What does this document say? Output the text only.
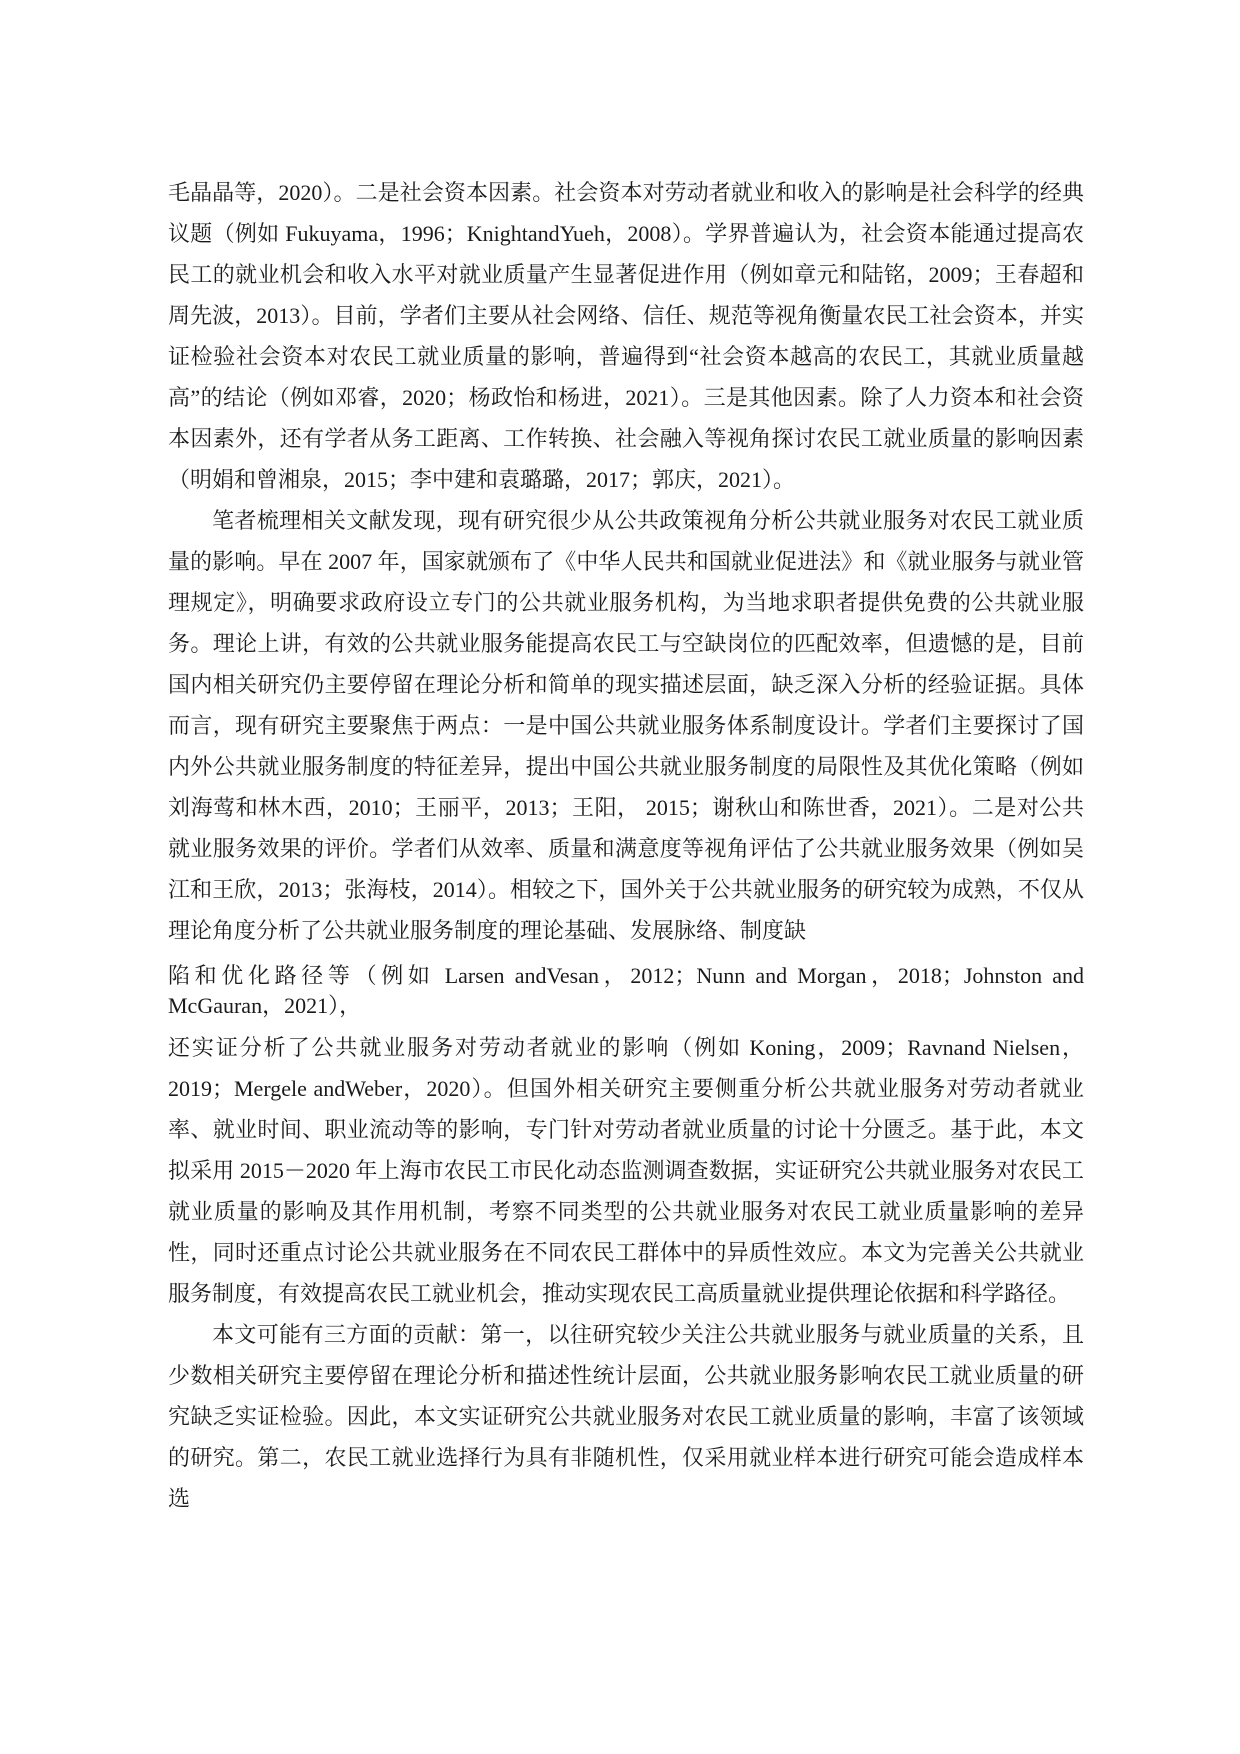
毛晶晶等，2020）。二是社会资本因素。社会资本对劳动者就业和收入的影响是社会科学的经典议题（例如 Fukuyama，1996；KnightandYueh，2008）。学界普遍认为，社会资本能通过提高农民工的就业机会和收入水平对就业质量产生显著促进作用（例如章元和陆铭，2009；王春超和周先波，2013）。目前，学者们主要从社会网络、信任、规范等视角衡量农民工社会资本，并实证检验社会资本对农民工就业质量的影响，普遍得到“社会资本越高的农民工，其就业质量越高”的结论（例如邓睿，2020；杨政怡和杨进，2021）。三是其他因素。除了人力资本和社会资本因素外，还有学者从务工距离、工作转换、社会融入等视角探讨农民工就业质量的影响因素（明娟和曾湘泉，2015；李中建和袁璐璐，2017；郭庆，2021）。

笔者梳理相关文献发现，现有研究很少从公共政策视角分析公共就业服务对农民工就业质量的影响。早在 2007 年，国家就颁布了《中华人民共和国就业促进法》和《就业服务与就业管理规定》，明确要求政府设立专门的公共就业服务机构，为当地求职者提供免费的公共就业服务。理论上讲，有效的公共就业服务能提高农民工与空缺岗位的匹配效率，但遗憾的是，目前国内相关研究仍主要停留在理论分析和简单的现实描述层面，缺乏深入分析的经验证据。具体而言，现有研究主要聚焦于两点：一是中国公共就业服务体系制度设计。学者们主要探讨了国内外公共就业服务制度的特征差异，提出中国公共就业服务制度的局限性及其优化策略（例如刘海莺和林木西，2010；王丽平，2013；王阳， 2015；谢秋山和陈世香，2021）。二是对公共就业服务效果的评价。学者们从效率、质量和满意度等视角评估了公共就业服务效果（例如吴江和王欣，2013；张海枝，2014）。相较之下，国外关于公共就业服务的研究较为成熟，不仅从理论角度分析了公共就业服务制度的理论基础、发展脉络、制度缺

陷和优化路径等（例如 Larsen andVesan，2012；Nunn and Morgan，2018；Johnston and McGauran，2021），

还实证分析了公共就业服务对劳动者就业的影响（例如 Koning，2009；Ravnand Nielsen，2019；Mergele andWeber，2020）。但国外相关研究主要侧重分析公共就业服务对劳动者就业率、就业时间、职业流动等的影响，专门针对劳动者就业质量的讨论十分匮乏。基于此，本文拟采用 2015－2020 年上海市农民工市民化动态监测调查数据，实证研究公共就业服务对农民工就业质量的影响及其作用机制，考察不同类型的公共就业服务对农民工就业质量影响的差异性，同时还重点讨论公共就业服务在不同农民工群体中的异质性效应。本文为完善关公共就业服务制度，有效提高农民工就业机会，推动实现农民工高质量就业提供理论依据和科学路径。

本文可能有三方面的贡献：第一，以往研究较少关注公共就业服务与就业质量的关系，且少数相关研究主要停留在理论分析和描述性统计层面，公共就业服务影响农民工就业质量的研究缺乏实证检验。因此，本文实证研究公共就业服务对农民工就业质量的影响，丰富了该领域的研究。第二，农民工就业选择行为具有非随机性，仅采用就业样本进行研究可能会造成样本选
